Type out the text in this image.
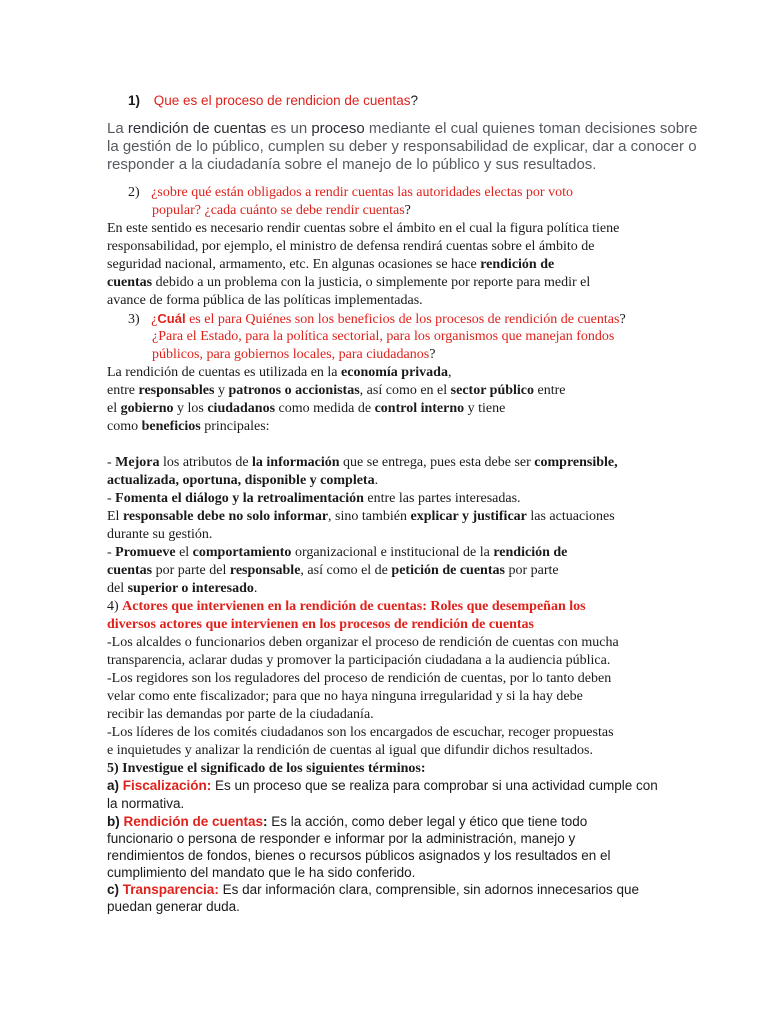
1) Que es el proceso de rendicion de cuentas?
La rendición de cuentas es un proceso mediante el cual quienes toman decisiones sobre
la gestión de lo público, cumplen su deber y responsabilidad de explicar, dar a conocer o
responder a la ciudadanía sobre el manejo de lo público y sus resultados.
2) ¿sobre qué están obligados a rendir cuentas las autoridades electas por voto
popular? ¿cada cuánto se debe rendir cuentas?
En este sentido es necesario rendir cuentas sobre el ámbito en el cual la figura política tiene
responsabilidad, por ejemplo, el ministro de defensa rendirá cuentas sobre el ámbito de
seguridad nacional, armamento, etc. En algunas ocasiones se hace rendición de
cuentas debido a un problema con la justicia, o simplemente por reporte para medir el
avance de forma pública de las políticas implementadas.
3) ¿Cuál es el para Quiénes son los beneficios de los procesos de rendición de cuentas?
¿Para el Estado, para la política sectorial, para los organismos que manejan fondos
públicos, para gobiernos locales, para ciudadanos?
La rendición de cuentas es utilizada en la economía privada,
entre responsables y patronos o accionistas, así como en el sector público entre
el gobierno y los ciudadanos como medida de control interno y tiene
como beneficios principales:
- Mejora los atributos de la información que se entrega, pues esta debe ser comprensible,
actualizada, oportuna, disponible y completa.
- Fomenta el diálogo y la retroalimentación entre las partes interesadas.
El responsable debe no solo informar, sino también explicar y justificar las actuaciones
durante su gestión.
- Promueve el comportamiento organizacional e institucional de la rendición de
cuentas por parte del responsable, así como el de petición de cuentas por parte
del superior o interesado.
4) Actores que intervienen en la rendición de cuentas: Roles que desempeñan los
diversos actores que intervienen en los procesos de rendición de cuentas
-Los alcaldes o funcionarios deben organizar el proceso de rendición de cuentas con mucha
transparencia, aclarar dudas y promover la participación ciudadana a la audiencia pública.
-Los regidores son los reguladores del proceso de rendición de cuentas, por lo tanto deben
velar como ente fiscalizador; para que no haya ninguna irregularidad y si la hay debe
recibir las demandas por parte de la ciudadanía.
-Los líderes de los comités ciudadanos son los encargados de escuchar, recoger propuestas
e inquietudes y analizar la rendición de cuentas al igual que difundir dichos resultados.
5) Investigue el significado de los siguientes términos:
a) Fiscalización: Es un proceso que se realiza para comprobar si una actividad cumple con
la normativa.
b) Rendición de cuentas: Es la acción, como deber legal y ético que tiene todo
funcionario o persona de responder e informar por la administración, manejo y
rendimientos de fondos, bienes o recursos públicos asignados y los resultados en el
cumplimiento del mandato que le ha sido conferido.
c) Transparencia: Es dar información clara, comprensible, sin adornos innecesarios que
puedan generar duda.
